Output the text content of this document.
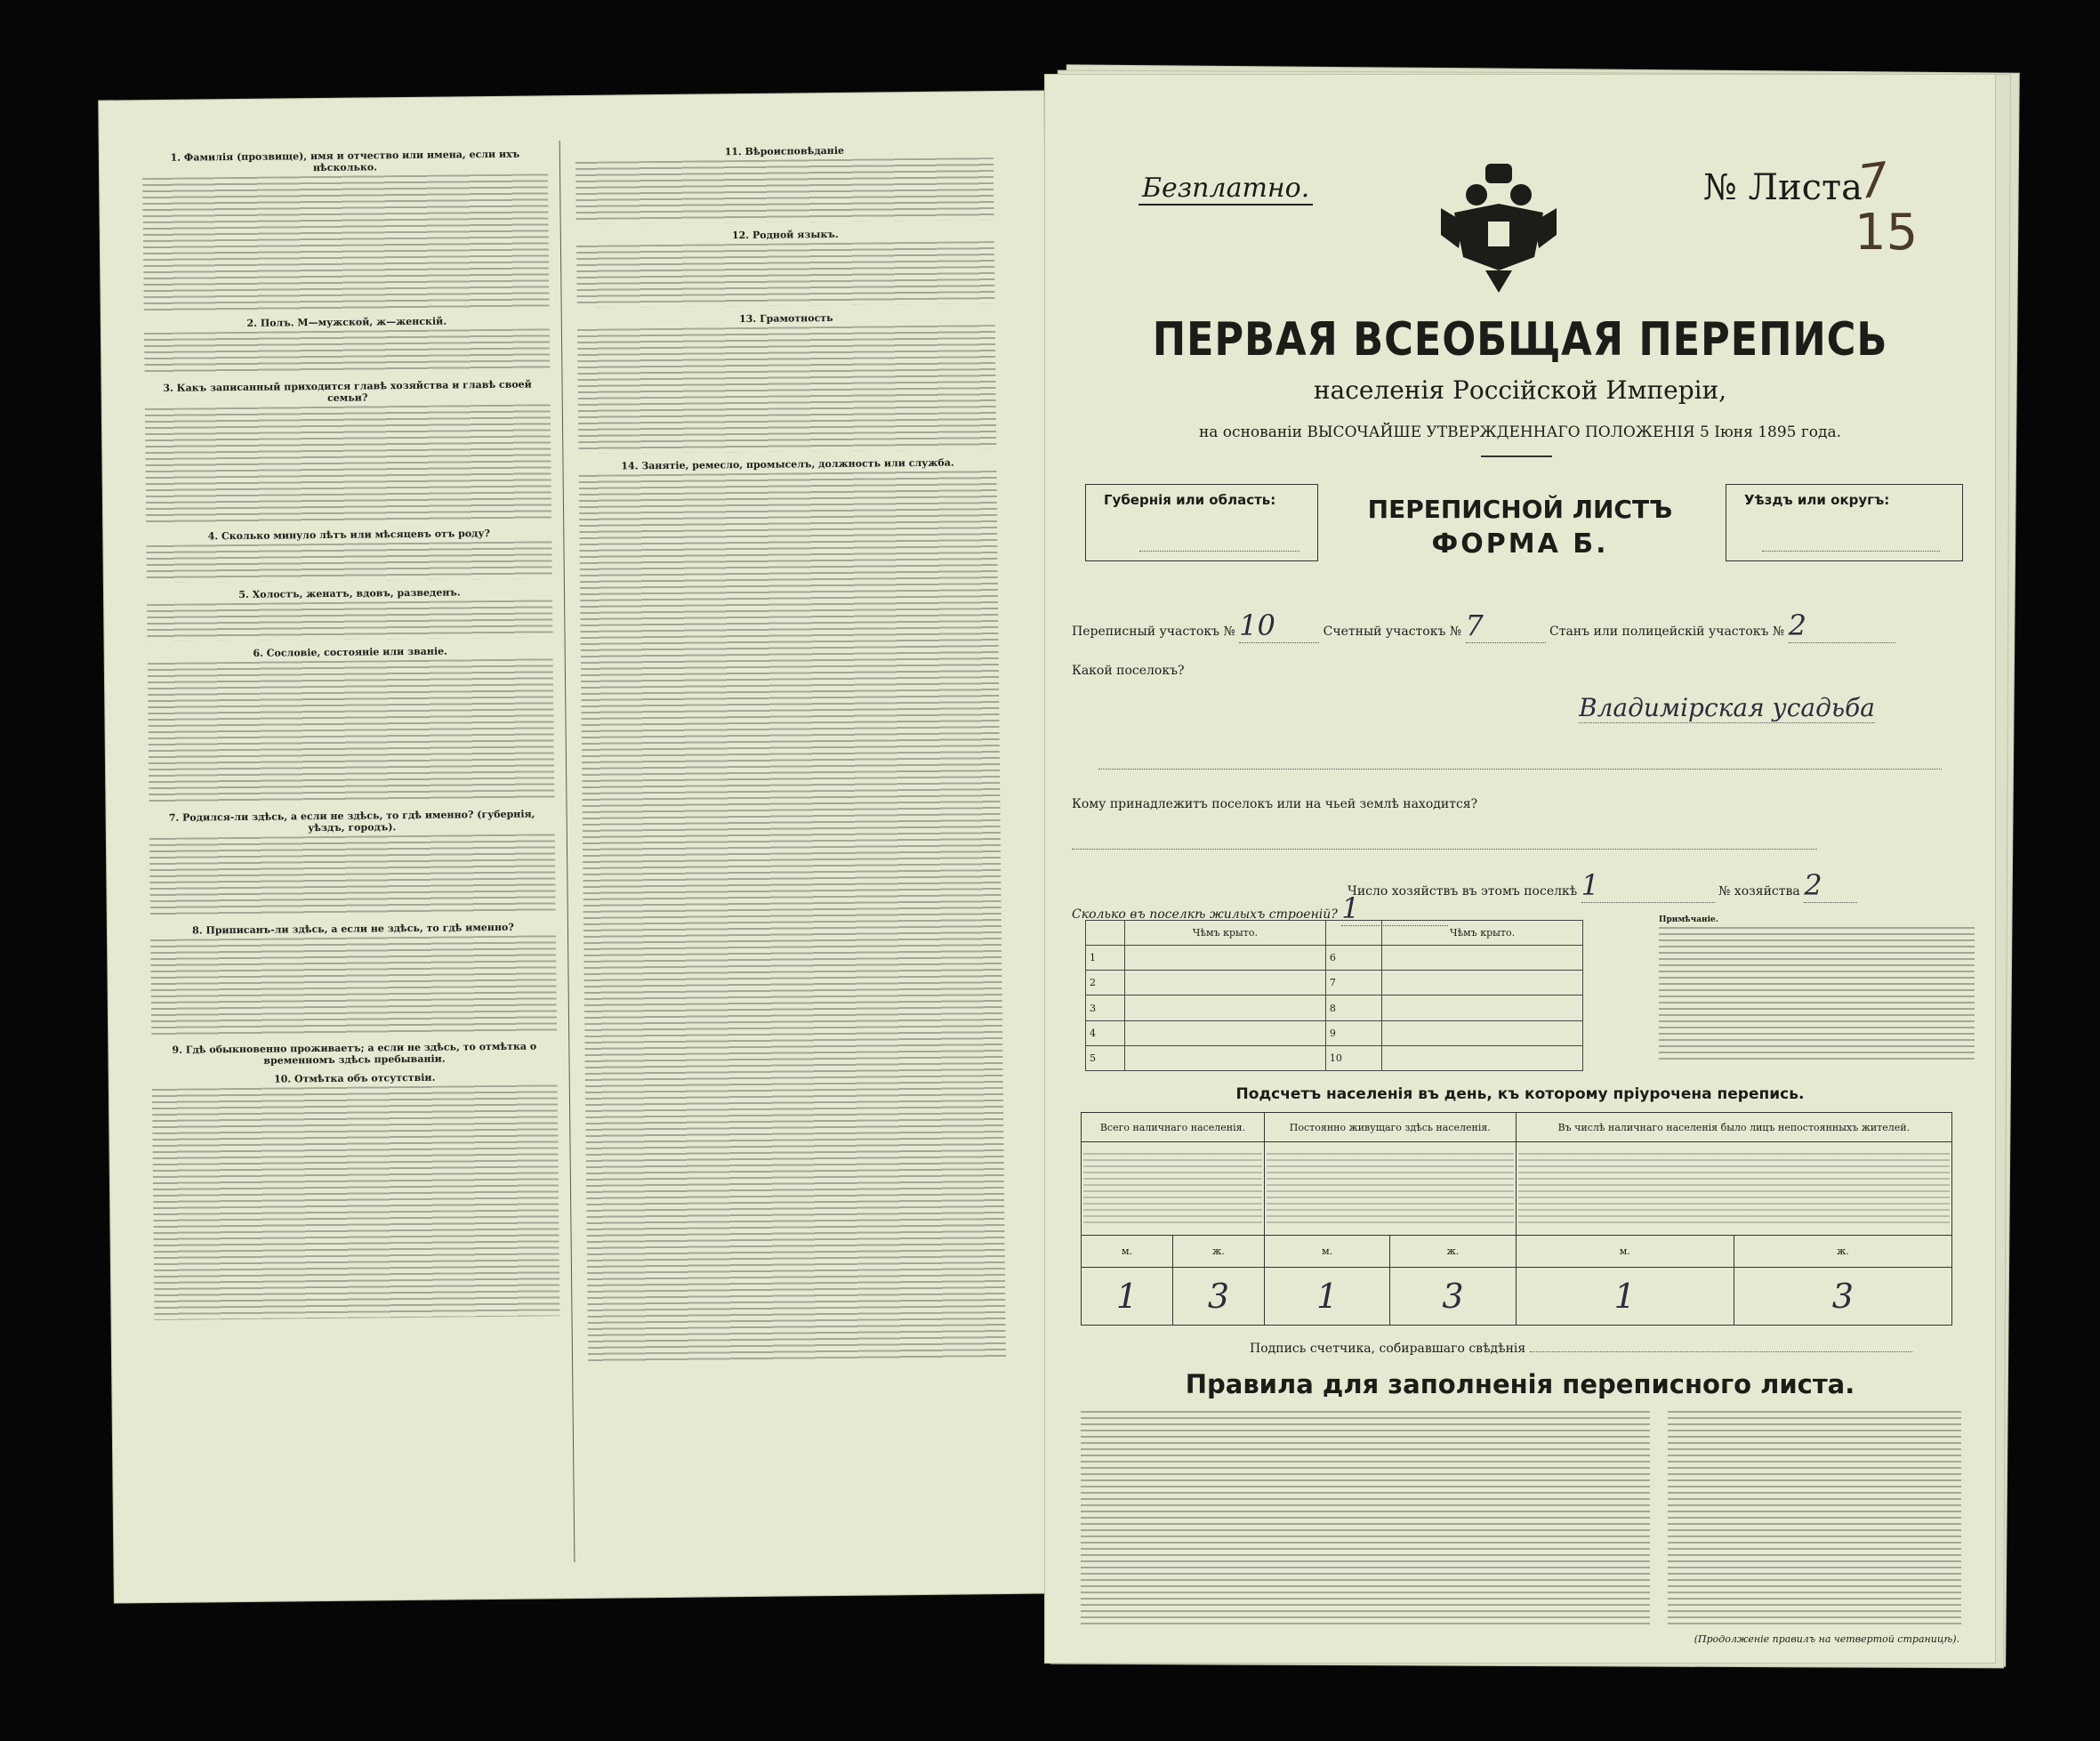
1. Фамилія (прозвище), имя и отчество или имена, если ихъ нѣсколько.
2. Полъ. М—мужской, ж—женскій.
3. Какъ записанный приходится главѣ хозяйства и главѣ своей семьи?
4. Сколько минуло лѣтъ или мѣсяцевъ отъ роду?
5. Холостъ, женатъ, вдовъ, разведенъ.
6. Сословіе, состояніе или званіе.
7. Родился-ли здѣсь, а если не здѣсь, то гдѣ именно? (губернія, уѣздъ, городъ).
8. Приписанъ-ли здѣсь, а если не здѣсь, то гдѣ именно?
9. Гдѣ обыкновенно проживаетъ; а если не здѣсь, то отмѣтка о временномъ здѣсь пребываніи.
10. Отмѣтка объ отсутствіи.
11. Вѣроисповѣданіе
12. Родной языкъ.
13. Грамотность
14. Занятіе, ремесло, промыселъ, должность или служба.
Безплатно.	№ Листа
7
15
ПЕРВАЯ ВСЕОБЩАЯ ПЕРЕПИСЬ
населенія Россійской Имперіи,
на основаніи ВЫСОЧАЙШЕ УТВЕРЖДЕННАГО ПОЛОЖЕНІЯ 5 Іюня 1895 года.
Губернія или область:	ПЕРЕПИСНОЙ ЛИСТЪ
ФОРМА Б.
Уѣздъ или округъ:
Переписный участокъ № 10	Счетный участокъ № 7	Станъ или полицейскій участокъ № 2
Какой поселокъ?
Владимірская усадьба
Кому принадлежитъ поселокъ или на чьей землѣ находится?
Число хозяйствъ въ этомъ поселкѣ 1	№ хозяйства 2
Сколько въ поселкѣ жилыхъ строеній? 1
	Чѣмъ крыто.		Чѣмъ крыто.
1		6	
2		7	
3		8	
4		9	
5		10	
Примѣчаніе.
Подсчетъ населенія въ день, къ которому пріурочена перепись.
Всего наличнаго населенія.		Постоянно живущаго здѣсь населенія.		Въ числѣ наличнаго населенія было лицъ непостоянныхъ жителей.	

м.	ж.	м.	ж.	м.	ж.
1	3	1	3	1	3
Подпись счетчика, собиравшаго свѣдѣнія
Правила для заполненія переписного листа.
(Продолженіе правилъ на четвертой страницѣ).
